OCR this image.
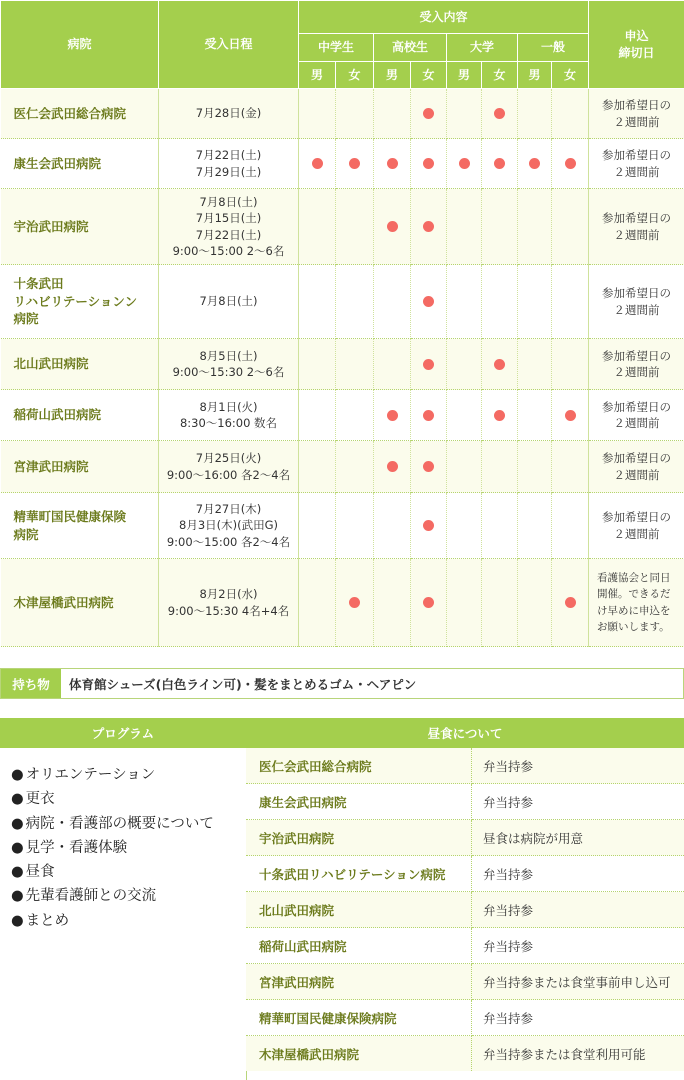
病院	受入日程	受入内容								申込
締切日
		中学生		高校生		大学		一般		
		男	女	男	女	男	女	男	女	
医仁会武田総合病院	7月28日(金)									参加希望日の
２週間前
康生会武田病院	7月22日(土)
7月29日(土)									参加希望日の
２週間前
宇治武田病院	7月8日(土)
7月15日(土)
7月22日(土)
9:00～15:00 2～6名									参加希望日の
２週間前
十条武田
リハビリテーションン
病院	7月8日(土)									参加希望日の
２週間前
北山武田病院	8月5日(土)
9:00～15:30 2～6名									参加希望日の
２週間前
稲荷山武田病院	8月1日(火)
8:30～16:00 数名									参加希望日の
２週間前
宮津武田病院	7月25日(火)
9:00～16:00 各2～4名									参加希望日の
２週間前
精華町国民健康保険
病院	7月27日(木)
8月3日(木)(武田G)
9:00～15:00 各2～4名									参加希望日の
２週間前
木津屋橋武田病院	8月2日(水)
9:00～15:30 4名+4名									看護協会と同日
開催。できるだ
け早めに申込を
お願いします。
持ち物	体育館シューズ(白色ライン可)・髪をまとめるゴム・ヘアピン
プログラム
● オリエンテーション
● 更衣
● 病院・看護部の概要について
● 見学・看護体験
● 昼食
● 先輩看護師との交流
● まとめ
昼食について
医仁会武田総合病院	弁当持参
康生会武田病院	弁当持参
宇治武田病院	昼食は病院が用意
十条武田リハビリテーション病院	弁当持参
北山武田病院	弁当持参
稲荷山武田病院	弁当持参
宮津武田病院	弁当持参または食堂事前申し込可
精華町国民健康保険病院	弁当持参
木津屋橋武田病院	弁当持参または食堂利用可能
